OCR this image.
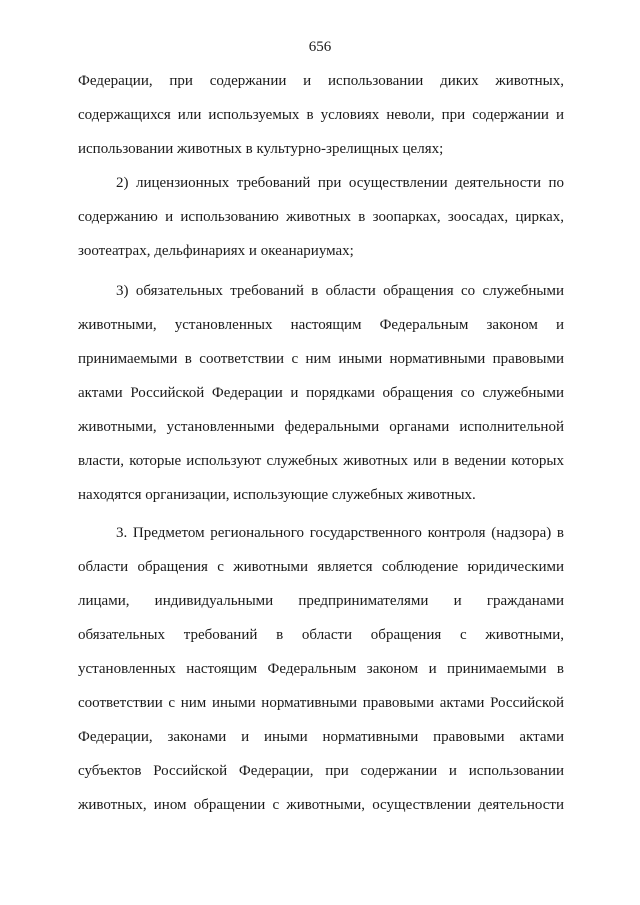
656
Федерации, при содержании и использовании диких животных,
содержащихся или используемых в условиях неволи, при содержании и
использовании животных в культурно-зрелищных целях;
2) лицензионных требований при осуществлении деятельности по
содержанию и использованию животных в зоопарках, зоосадах, цирках,
зоотеатрах, дельфинариях и океанариумах;
3) обязательных требований в области обращения со служебными
животными, установленных настоящим Федеральным законом и
принимаемыми в соответствии с ним иными нормативными правовыми
актами Российской Федерации и порядками обращения со служебными
животными, установленными федеральными органами исполнительной
власти, которые используют служебных животных или в ведении которых
находятся организации, использующие служебных животных.
3. Предметом регионального государственного контроля (надзора) в
области обращения с животными является соблюдение юридическими
лицами, индивидуальными предпринимателями и гражданами
обязательных требований в области обращения с животными,
установленных настоящим Федеральным законом и принимаемыми в
соответствии с ним иными нормативными правовыми актами Российской
Федерации, законами и иными нормативными правовыми актами
субъектов Российской Федерации, при содержании и использовании
животных, ином обращении с животными, осуществлении деятельности
